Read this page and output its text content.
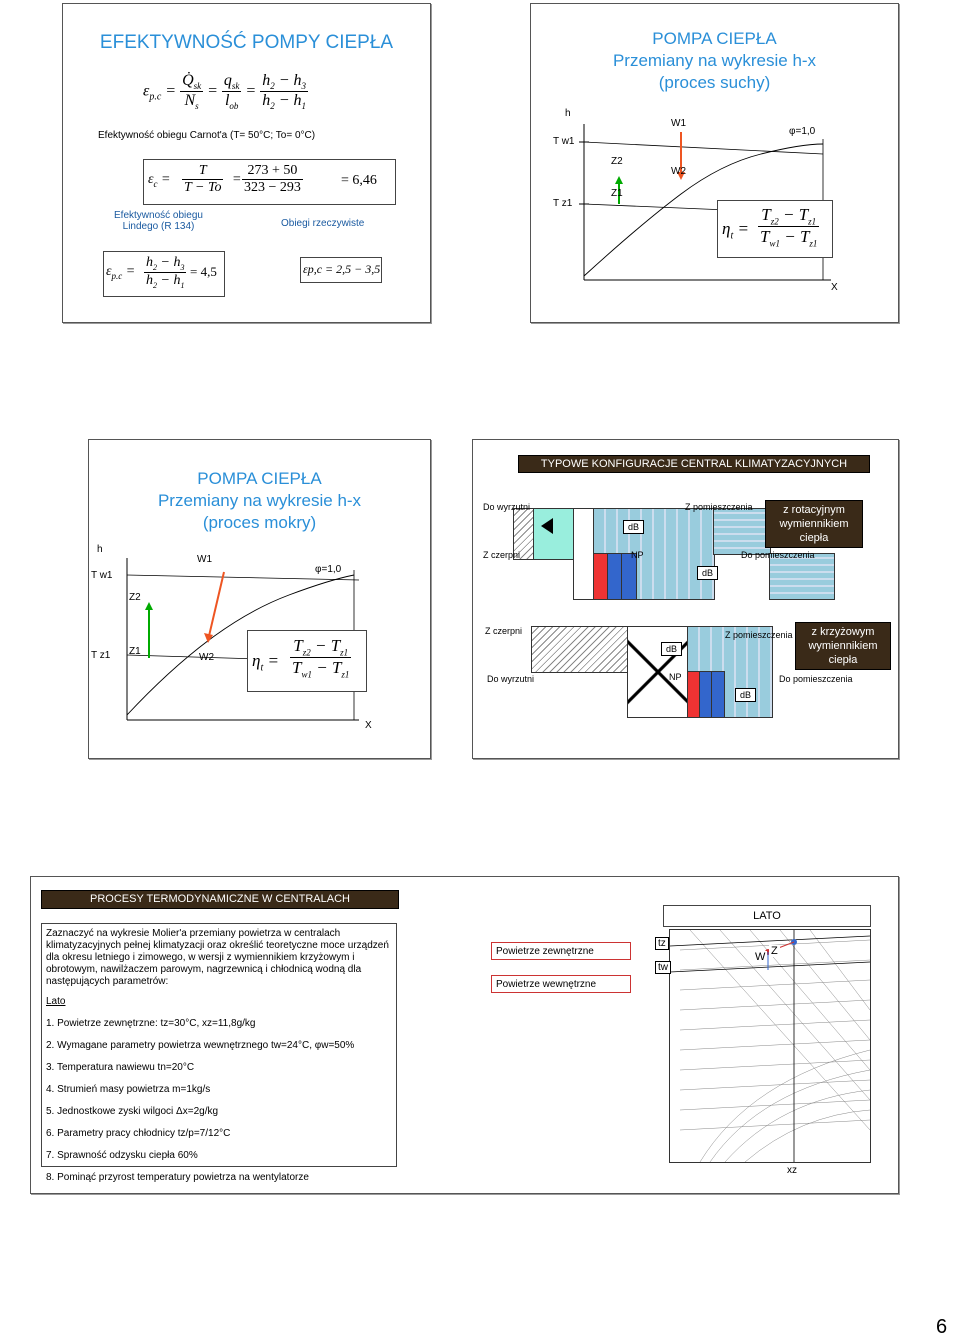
EFEKTYWNOŚĆ POMPY CIEPŁA
$\varepsilon_{p.c} = \frac{Q̇_{sk}}{N_s} = \frac{q_{sk}}{l_{ob}} = \frac{h_2 - h_3}{h_2 - h_1}$
Efektywność obiegu Carnot'a (T= 50°C; To= 0°C)
$\varepsilon_c = \frac{T}{T - To} = \frac{273 + 50}{323 - 293}$	= 6,46
Efektywność obiegu Lindego (R 134)	Obiegi rzeczywiste
$\varepsilon_{p.c} = \frac{h_2 - h_3}{h_2 - h_1} = 4,5$	εp,c = 2,5 − 3,5
POMPA CIEPŁA
Przemiany na wykresie h-x
(proces suchy)
h
T w1
T z1
W1
W2
Z2
Z1
φ=1,0
X
$\eta_t = \frac{T_{z2} - T_{z1}}{T_{w1} - T_{z1}}$
POMPA CIEPŁA
Przemiany na wykresie h-x
(proces mokry)
h
T w1
T z1
W1
W2
Z2
Z1
φ=1,0
X
$\eta_t = \frac{T_{z2} - T_{z1}}{T_{w1} - T_{z1}}$
TYPOWE KONFIGURACJE CENTRAL KLIMATYZACYJNYCH
Do wyrzutni
Z czerpni
Z pomieszczenia
Do pomieszczenia
dB
dB
NP
z rotacyjnym wymiennikiem ciepła
Z czerpni
Do wyrzutni
Z pomieszczenia
Do pomieszczenia
dB
dB
NP
z krzyżowym wymiennikiem ciepła
PROCESY TERMODYNAMICZNE W CENTRALACH
Zaznaczyć na wykresie Molier'a przemiany powietrza w centralach klimatyzacyjnych pełnej klimatyzacji oraz określić teoretyczne moce urządzeń dla okresu letniego i zimowego, w wersji z wymiennikiem krzyżowym i obrotowym, nawilżaczem parowym, nagrzewnicą i chłodnicą wodną dla następujących parametrów:
Lato
1. Powietrze zewnętrzne: tz=30°C, xz=11,8g/kg
2. Wymagane parametry powietrza wewnętrznego tw=24°C, φw=50%
3. Temperatura nawiewu tn=20°C
4. Strumień masy powietrza m=1kg/s
5. Jednostkowe zyski wilgoci Δx=2g/kg
6. Parametry pracy chłodnicy tz/p=7/12°C
7. Sprawność odzysku ciepła 60%
8. Pominąć przyrost temperatury powietrza na wentylatorze
Powietrze zewnętrzne
Powietrze wewnętrzne
LATO
tz
tw
W Z
xz
6
